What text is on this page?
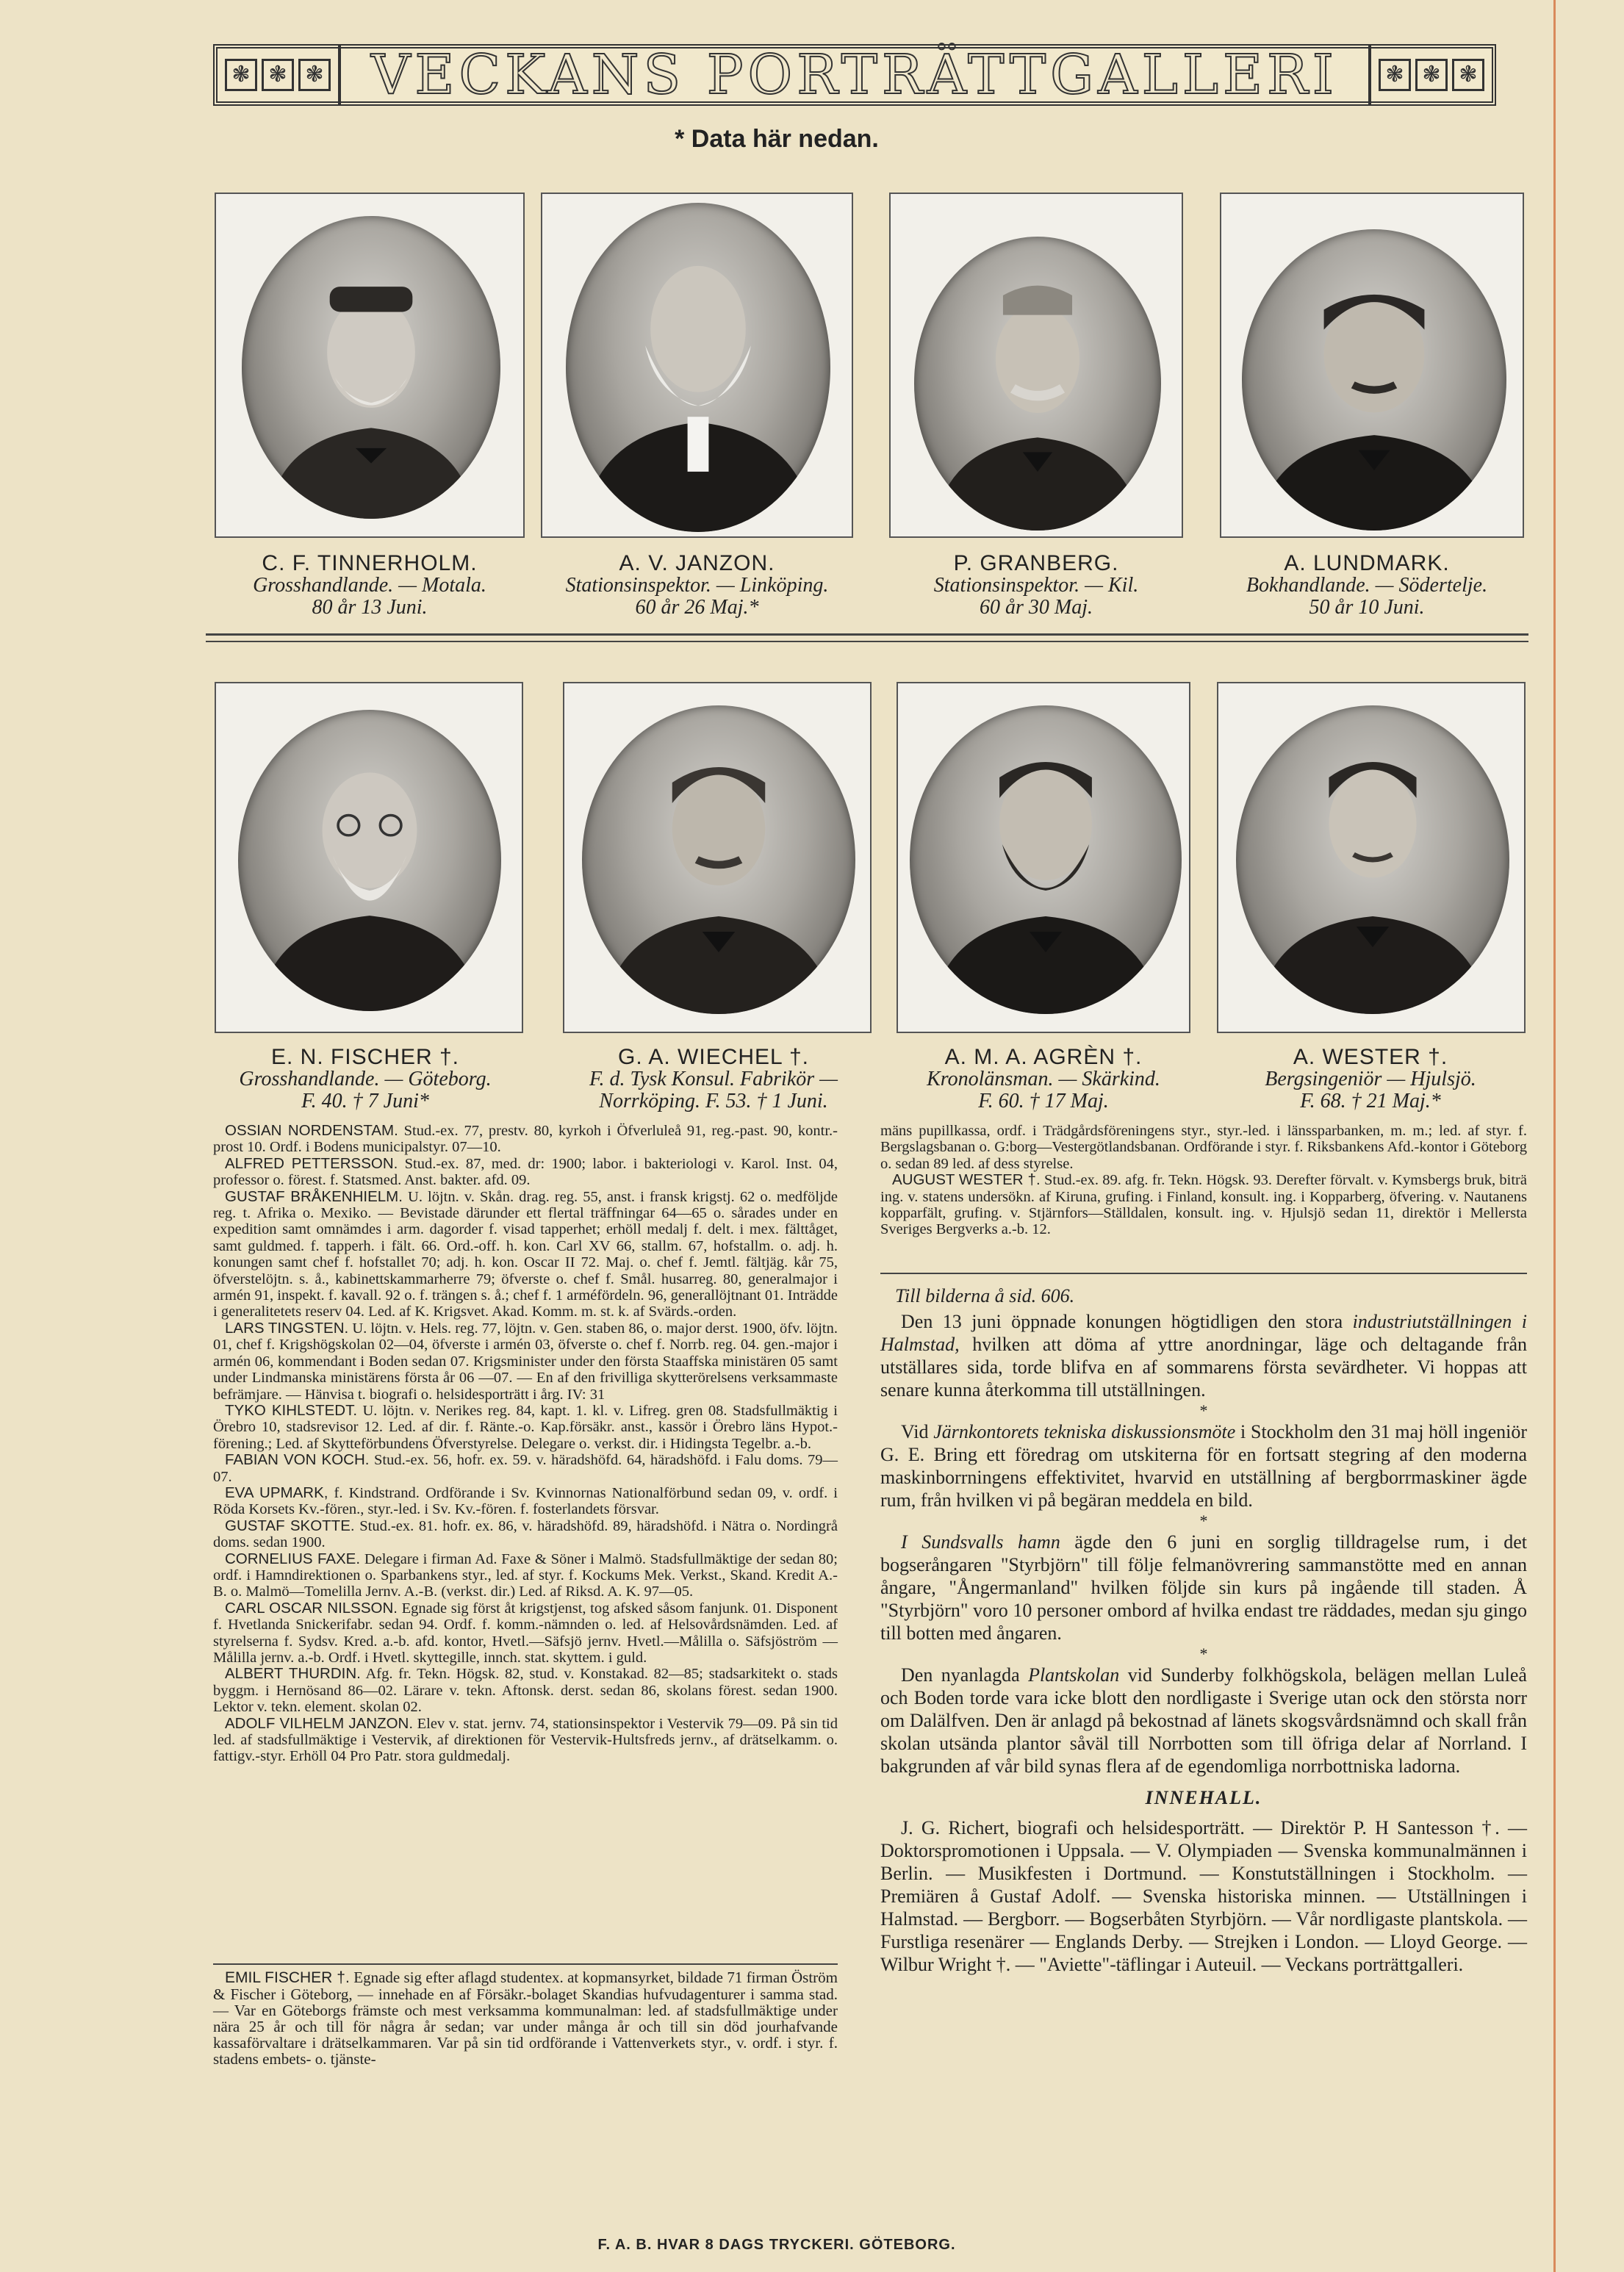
❃ ❃ ❃ VECKANS PORTRÄTTGALLERI	❃ ❃ ❃
* Data här nedan.
C. F. TINNERHOLM.
Grosshandlande. — Motala.
80 år 13 Juni.
A. V. JANZON.
Stationsinspektor. — Linköping.
60 år 26 Maj.*
P. GRANBERG.
Stationsinspektor. — Kil.
60 år 30 Maj.
A. LUNDMARK.
Bokhandlande. — Södertelje.
50 år 10 Juni.
E. N. FISCHER †.
Grosshandlande. — Göteborg.
F. 40. † 7 Juni*
G. A. WIECHEL †.
F. d. Tysk Konsul. Fabrikör —
Norrköping. F. 53. † 1 Juni.
A. M. A. AGRÈN †.
Kronolänsman. — Skärkind.
F. 60. † 17 Maj.
A. WESTER †.
Bergsingeniör — Hjulsjö.
F. 68. † 21 Maj.*

OSSIAN NORDENSTAM. Stud.-ex. 77, prestv. 80, kyrkoh i Öfverluleå 91, reg.-past. 90, kontr.-prost 10. Ordf. i Bodens municipalstyr. 07—10.

ALFRED PETTERSSON. Stud.-ex. 87, med. dr: 1900; labor. i bakteriologi v. Karol. Inst. 04, professor o. förest. f. Statsmed. Anst. bakter. afd. 09.

GUSTAF BRÅKENHIELM. U. löjtn. v. Skån. drag. reg. 55, anst. i fransk krigstj. 62 o. medföljde reg. t. Afrika o. Mexiko. — Bevistade därunder ett flertal träffningar 64—65 o. sårades under en expedition samt omnämdes i arm. dagorder f. visad tapperhet; erhöll medalj f. delt. i mex. fälttåget, samt guldmed. f. tapperh. i fält. 66. Ord.-off. h. kon. Carl XV 66, stallm. 67, hofstallm. o. adj. h. konungen samt chef f. hofstallet 70; adj. h. kon. Oscar II 72. Maj. o. chef f. Jemtl. fältjäg. kår 75, öfverstelöjtn. s. å., kabinettskammarherre 79; öfverste o. chef f. Smål. husarreg. 80, generalmajor i armén 91, inspekt. f. kavall. 92 o. f. trängen s. å.; chef f. 1 arméfördeln. 96, generallöjtnant 01. Inträdde i generalitetets reserv 04. Led. af K. Krigsvet. Akad. Komm. m. st. k. af Svärds.-orden.

LARS TINGSTEN. U. löjtn. v. Hels. reg. 77, löjtn. v. Gen. staben 86, o. major derst. 1900, öfv. löjtn. 01, chef f. Krigshögskolan 02—04, öfverste i armén 03, öfverste o. chef f. Norrb. reg. 04. gen.-major i armén 06, kommendant i Boden sedan 07. Krigsminister under den första Staaffska ministären 05 samt under Lindmanska ministärens första år 06 —07. — En af den frivilliga skytterörelsens verksammaste befrämjare. — Hänvisa t. biografi o. helsidesporträtt i årg. IV: 31

TYKO KIHLSTEDT. U. löjtn. v. Nerikes reg. 84, kapt. 1. kl. v. Lifreg. gren 08. Stadsfullmäktig i Örebro 10, stadsrevisor 12. Led. af dir. f. Ränte.-o. Kap.försäkr. anst., kassör i Örebro läns Hypot.-förening.; Led. af Skytteförbundens Öfverstyrelse. Delegare o. verkst. dir. i Hidingsta Tegelbr. a.-b.

FABIAN VON KOCH. Stud.-ex. 56, hofr. ex. 59. v. häradshöfd. 64, häradshöfd. i Falu doms. 79—07.

EVA UPMARK, f. Kindstrand. Ordförande i Sv. Kvinnornas Nationalförbund sedan 09, v. ordf. i Röda Korsets Kv.-fören., styr.-led. i Sv. Kv.-fören. f. fosterlandets försvar.

GUSTAF SKOTTE. Stud.-ex. 81. hofr. ex. 86, v. häradshöfd. 89, häradshöfd. i Nätra o. Nordingrå doms. sedan 1900.

CORNELIUS FAXE. Delegare i firman Ad. Faxe & Söner i Malmö. Stadsfullmäktige der sedan 80; ordf. i Hamndirektionen o. Sparbankens styr., led. af styr. f. Kockums Mek. Verkst., Skand. Kredit A.-B. o. Malmö—Tomelilla Jernv. A.-B. (verkst. dir.) Led. af Riksd. A. K. 97—05.

CARL OSCAR NILSSON. Egnade sig först åt krigstjenst, tog afsked såsom fanjunk. 01. Disponent f. Hvetlanda Snickerifabr. sedan 94. Ordf. f. komm.-nämnden o. led. af Helsovårdsnämden. Led. af styrelserna f. Sydsv. Kred. a.-b. afd. kontor, Hvetl.—Säfsjö jernv. Hvetl.—Målilla o. Säfsjöström —Målilla jernv. a.-b. Ordf. i Hvetl. skyttegille, innch. stat. skyttem. i guld.

ALBERT THURDIN. Afg. fr. Tekn. Högsk. 82, stud. v. Konstakad. 82—85; stadsarkitekt o. stads byggm. i Hernösand 86—02. Lärare v. tekn. Aftonsk. derst. sedan 86, skolans förest. sedan 1900. Lektor v. tekn. element. skolan 02.

ADOLF VILHELM JANZON. Elev v. stat. jernv. 74, stationsinspektor i Vestervik 79—09. På sin tid led. af stadsfullmäktige i Vestervik, af direktionen för Vestervik-Hultsfreds jernv., af drätselkamm. o. fattigv.-styr. Erhöll 04 Pro Patr. stora guldmedalj.

EMIL FISCHER †. Egnade sig efter aflagd studentex. at kopmansyrket, bildade 71 firman Öström & Fischer i Göteborg, — innehade en af Försäkr.-bolaget Skandias hufvudagenturer i samma stad. — Var en Göteborgs främste och mest verksamma kommunalman: led. af stadsfullmäktige under nära 25 år och till för några år sedan; var under många år och till sin död jourhafvande kassaförvaltare i drätselkammaren. Var på sin tid ordförande i Vattenverkets styr., v. ordf. i styr. f. stadens embets- o. tjänste-

mäns pupillkassa, ordf. i Trädgårdsföreningens styr., styr.-led. i länssparbanken, m. m.; led. af styr. f. Bergslagsbanan o. G:borg—Vestergötlandsbanan. Ordförande i styr. f. Riksbankens Afd.-kontor i Göteborg o. sedan 89 led. af dess styrelse.

AUGUST WESTER †. Stud.-ex. 89. afg. fr. Tekn. Högsk. 93. Derefter förvalt. v. Kymsbergs bruk, biträ ing. v. statens undersökn. af Kiruna, grufing. i Finland, konsult. ing. i Kopparberg, öfvering. v. Nautanens kopparfält, grufing. v. Stjärnfors—Ställdalen, konsult. ing. v. Hjulsjö sedan 11, direktör i Mellersta Sveriges Bergverks a.-b. 12.

Till bilderna å sid. 606.

Den 13 juni öppnade konungen högtidligen den stora industriutställningen i Halmstad, hvilken att döma af yttre anordningar, läge och deltagande från utställares sida, torde blifva en af sommarens första sevärdheter. Vi hoppas att senare kunna återkomma till utställningen.

*

Vid Järnkontorets tekniska diskussionsmöte i Stockholm den 31 maj höll ingeniör G. E. Bring ett föredrag om utskiterna för en fortsatt stegring af den moderna maskinborrningens effektivitet, hvarvid en utställning af bergborrmaskiner ägde rum, från hvilken vi på begäran meddela en bild.

*

I Sundsvalls hamn ägde den 6 juni en sorglig tilldragelse rum, i det bogserångaren "Styrbjörn" till följe felmanövrering sammanstötte med en annan ångare, "Ångermanland" hvilken följde sin kurs på ingående till staden. Å "Styrbjörn" voro 10 personer ombord af hvilka endast tre räddades, medan sju gingo till botten med ångaren.

*

Den nyanlagda Plantskolan vid Sunderby folkhögskola, belägen mellan Luleå och Boden torde vara icke blott den nordligaste i Sverige utan ock den största norr om Dalälfven. Den är anlagd på bekostnad af länets skogsvårdsnämnd och skall från skolan utsända plantor såväl till Norrbotten som till öfriga delar af Norrland. I bakgrunden af vår bild synas flera af de egendomliga norrbottniska ladorna.

INNEHALL.

J. G. Richert, biografi och helsidesporträtt. — Direktör P. H Santesson †. — Doktorspromotionen i Uppsala. — V. Olympiaden — Svenska kommunalmännen i Berlin. — Musikfesten i Dortmund. — Konstutställningen i Stockholm. — Premiären å Gustaf Adolf. — Svenska historiska minnen. — Utställningen i Halmstad. — Bergborr. — Bogserbåten Styrbjörn. — Vår nordligaste plantskola. — Furstliga resenärer — Englands Derby. — Strejken i London. — Lloyd George. — Wilbur Wright †. — "Aviette"-täflingar i Auteuil. — Veckans porträttgalleri.

F. A. B. HVAR 8 DAGS TRYCKERI. GÖTEBORG.
